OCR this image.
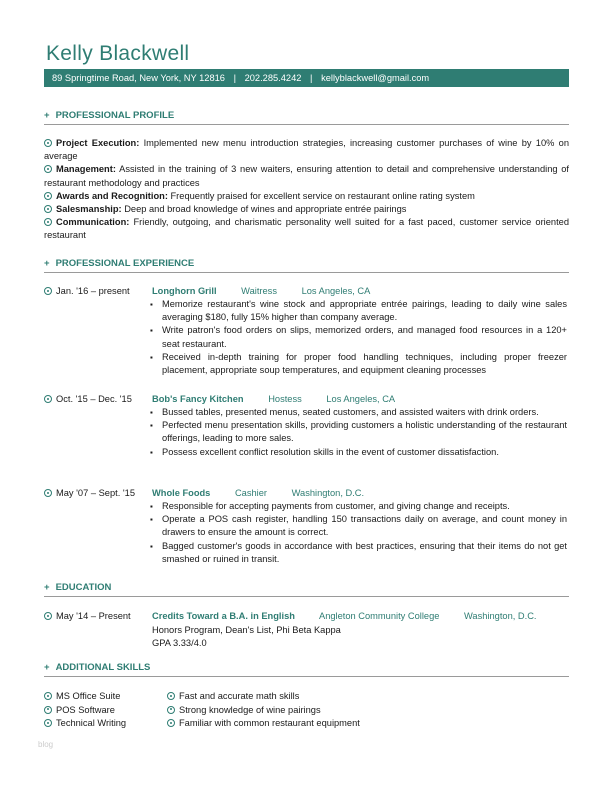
Kelly Blackwell
89 Springtime Road, New York, NY 12816 | 202.285.4242 | kellyblackwell@gmail.com
+ PROFESSIONAL PROFILE

Project Execution: Implemented new menu introduction strategies, increasing customer purchases of wine by 10% on average

Management: Assisted in the training of 3 new waiters, ensuring attention to detail and comprehensive understanding of restaurant methodology and practices

Awards and Recognition: Frequently praised for excellent service on restaurant online rating system

Salesmanship: Deep and broad knowledge of wines and appropriate entrée pairings

Communication: Friendly, outgoing, and charismatic personality well suited for a fast paced, customer service oriented restaurant

+ PROFESSIONAL EXPERIENCE
Jan. '16 – present Longhorn Grill	Waitress	Los Angeles, CA
▪ Memorize restaurant's wine stock and appropriate entrée pairings, leading to daily wine sales averaging $180, fully 15% higher than company average.
▪ Write patron's food orders on slips, memorized orders, and managed food resources in a 120+ seat restaurant.
▪ Received in-depth training for proper food handling techniques, including proper freezer placement, appropriate soup temperatures, and equipment cleaning processes
Oct. '15 – Dec. '15 Bob's Fancy Kitchen	Hostess	Los Angeles, CA
▪ Bussed tables, presented menus, seated customers, and assisted waiters with drink orders.
▪ Perfected menu presentation skills, providing customers a holistic understanding of the restaurant offerings, leading to more sales.
▪ Possess excellent conflict resolution skills in the event of customer dissatisfaction.
May '07 – Sept. '15 Whole Foods	Cashier	Washington, D.C.
▪ Responsible for accepting payments from customer, and giving change and receipts.
▪ Operate a POS cash register, handling 150 transactions daily on average, and count money in drawers to ensure the amount is correct.
▪ Bagged customer's goods in accordance with best practices, ensuring that their items do not get smashed or ruined in transit.
+ EDUCATION
May '14 – Present Credits Toward a B.A. in English	Angleton Community College	Washington, D.C.
Honors Program, Dean's List, Phi Beta Kappa
GPA 3.33/4.0
+ ADDITIONAL SKILLS
MS Office Suite
POS Software
Technical Writing
Fast and accurate math skills
Strong knowledge of wine pairings
Familiar with common restaurant equipment
blog
